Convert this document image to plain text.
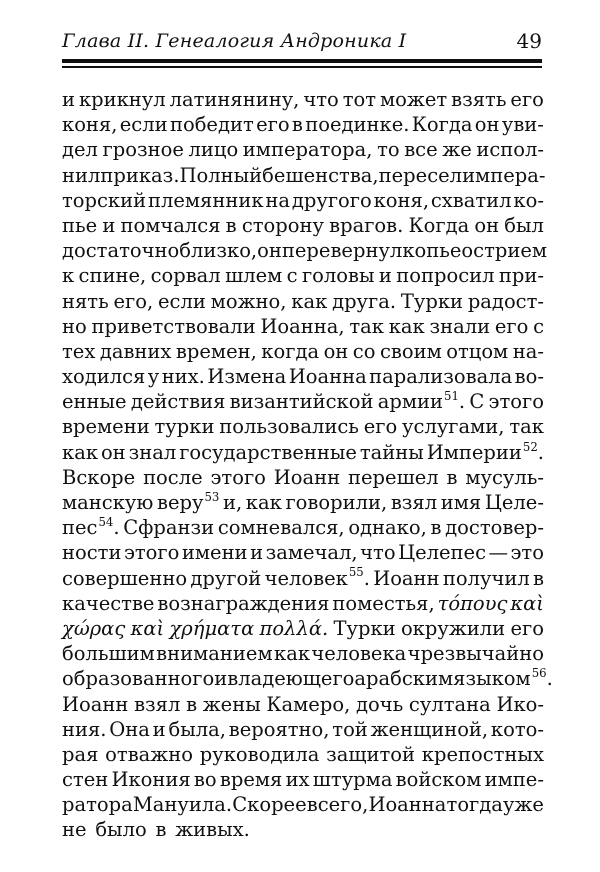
Глава II. Генеалогия Андроника I	49
и крикнул латинянину, что тот может взять его
коня, если победит его в поединке. Когда он уви-
дел грозное лицо императора, то все же испол-
нил приказ. Полный бешенства, пересел импера-
торский племянник на другого коня, схватил ко-
пье и помчался в сторону врагов. Когда он был
достаточно близко, он перевернул копье острием
к спине, сорвал шлем с головы и попросил при-
нять его, если можно, как друга. Турки радост-
но приветствовали Иоанна, так как знали его с
тех давних времен, когда он со своим отцом на-
ходился у них. Измена Иоанна парализовала во-
енные действия византийской армии$^{51}$. С этого
времени турки пользовались его услугами, так
как он знал государственные тайны Империи$^{52}$.
Вскоре после этого Иоанн перешел в мусуль-
манскую веру$^{53}$ и, как говорили, взял имя Целе-
пес$^{54}$. Сфранзи сомневался, однако, в достовер-
ности этого имени и замечал, что Целепес — это
совершенно другой человек$^{55}$. Иоанн получил в
качестве вознаграждения поместья, τόπους καὶ
χώρας καὶ χρήματα πολλά. Турки окружили его
большим вниманием как человека чрезвычайно
образованного и владеющего арабским языком$^{56}$.
Иоанн взял в жены Камеро, дочь султана Ико-
ния. Она и была, вероятно, той женщиной, кото-
рая отважно руководила защитой крепостных
стен Икония во время их штурма войском импе-
ратора Мануила. Скорее всего, Иоанна тогда уже
не было в живых.
